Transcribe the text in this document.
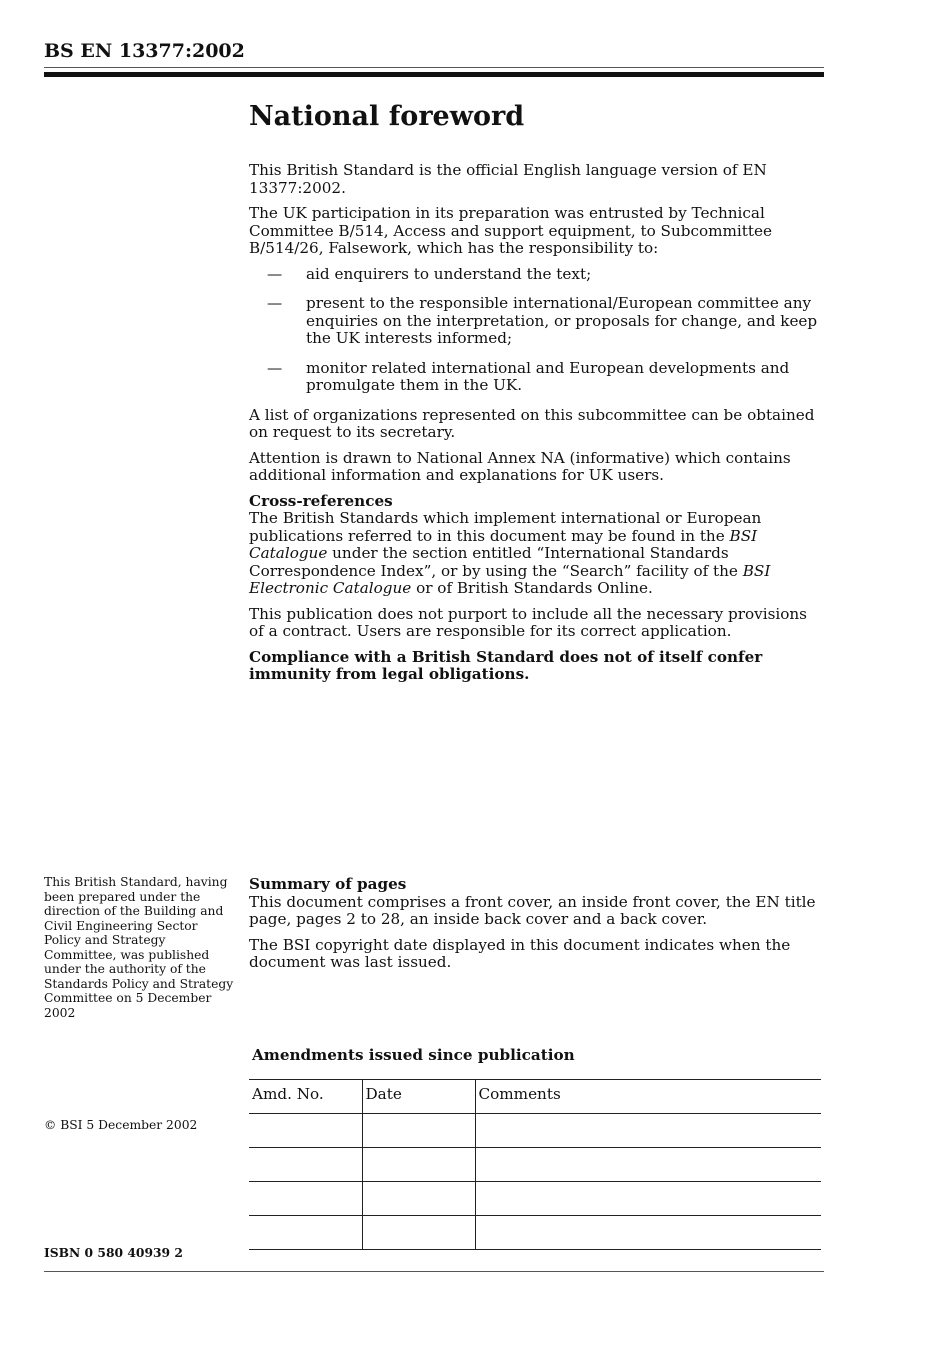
BS EN 13377:2002
National foreword

This British Standard is the official English language version of EN 13377:2002.

The UK participation in its preparation was entrusted by Technical Committee B/514, Access and support equipment, to Subcommittee B/514/26, Falsework, which has the responsibility to:

— aid enquirers to understand the text;
— present to the responsible international/European committee any enquiries on the interpretation, or proposals for change, and keep the UK interests informed;
— monitor related international and European developments and promulgate them in the UK.

A list of organizations represented on this subcommittee can be obtained on request to its secretary.

Attention is drawn to National Annex NA (informative) which contains additional information and explanations for UK users.

Cross-references

The British Standards which implement international or European publications referred to in this document may be found in the BSI Catalogue under the section entitled “International Standards Correspondence Index”, or by using the “Search” facility of the BSI Electronic Catalogue or of British Standards Online.

This publication does not purport to include all the necessary provisions of a contract. Users are responsible for its correct application.

Compliance with a British Standard does not of itself confer immunity from legal obligations.

This British Standard, having been prepared under the direction of the Building and Civil Engineering Sector Policy and Strategy Committee, was published under the authority of the Standards Policy and Strategy Committee on 5 December 2002

Summary of pages

This document comprises a front cover, an inside front cover, the EN title page, pages 2 to 28, an inside back cover and a back cover.

The BSI copyright date displayed in this document indicates when the document was last issued.

Amendments issued since publication
Amd. No.	Date	Comments

© BSI 5 December 2002
ISBN 0 580 40939 2
